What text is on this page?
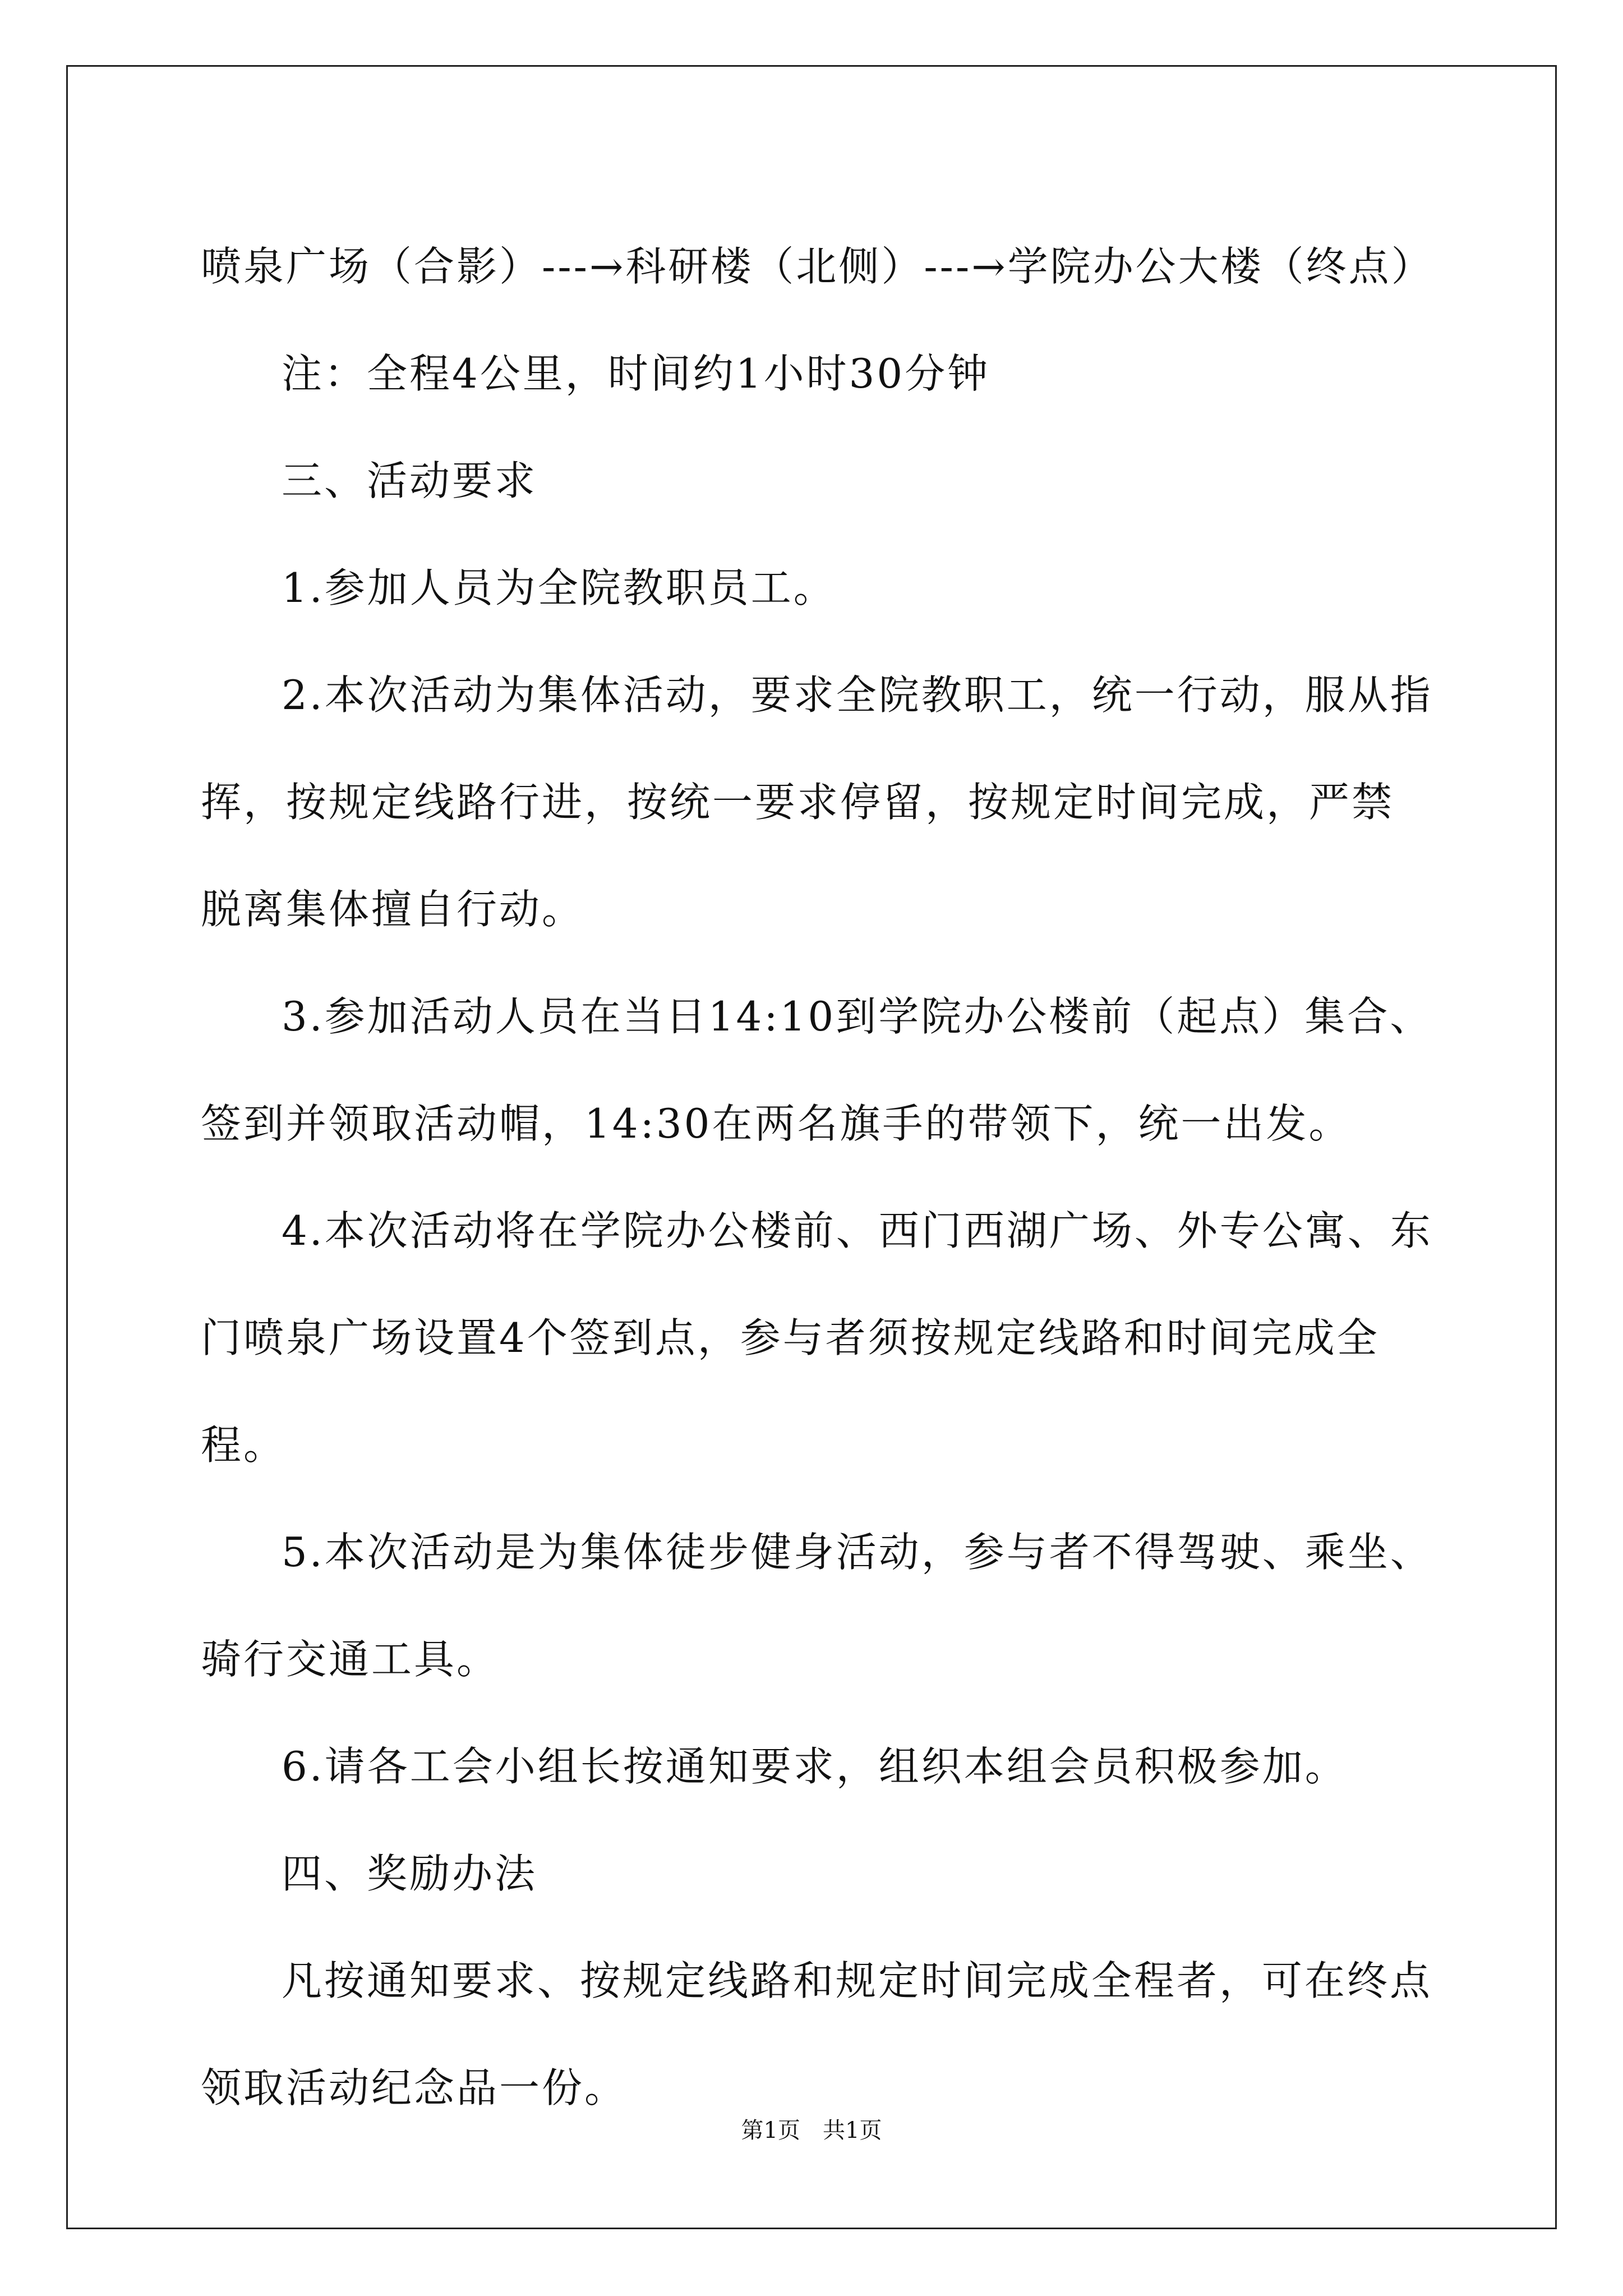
喷泉广场（合影）---→科研楼（北侧）---→学院办公大楼（终点）

注：全程4公里，时间约1小时30分钟

三、活动要求

1.参加人员为全院教职员工。

2.本次活动为集体活动，要求全院教职工，统一行动，服从指挥，按规定线路行进，按统一要求停留，按规定时间完成，严禁脱离集体擅自行动。

3.参加活动人员在当日14:10到学院办公楼前（起点）集合、签到并领取活动帽，14:30在两名旗手的带领下，统一出发。

4.本次活动将在学院办公楼前、西门西湖广场、外专公寓、东门喷泉广场设置4个签到点，参与者须按规定线路和时间完成全程。

5.本次活动是为集体徒步健身活动，参与者不得驾驶、乘坐、骑行交通工具。

6.请各工会小组长按通知要求，组织本组会员积极参加。

四、奖励办法

凡按通知要求、按规定线路和规定时间完成全程者，可在终点领取活动纪念品一份。

第1页　共1页
